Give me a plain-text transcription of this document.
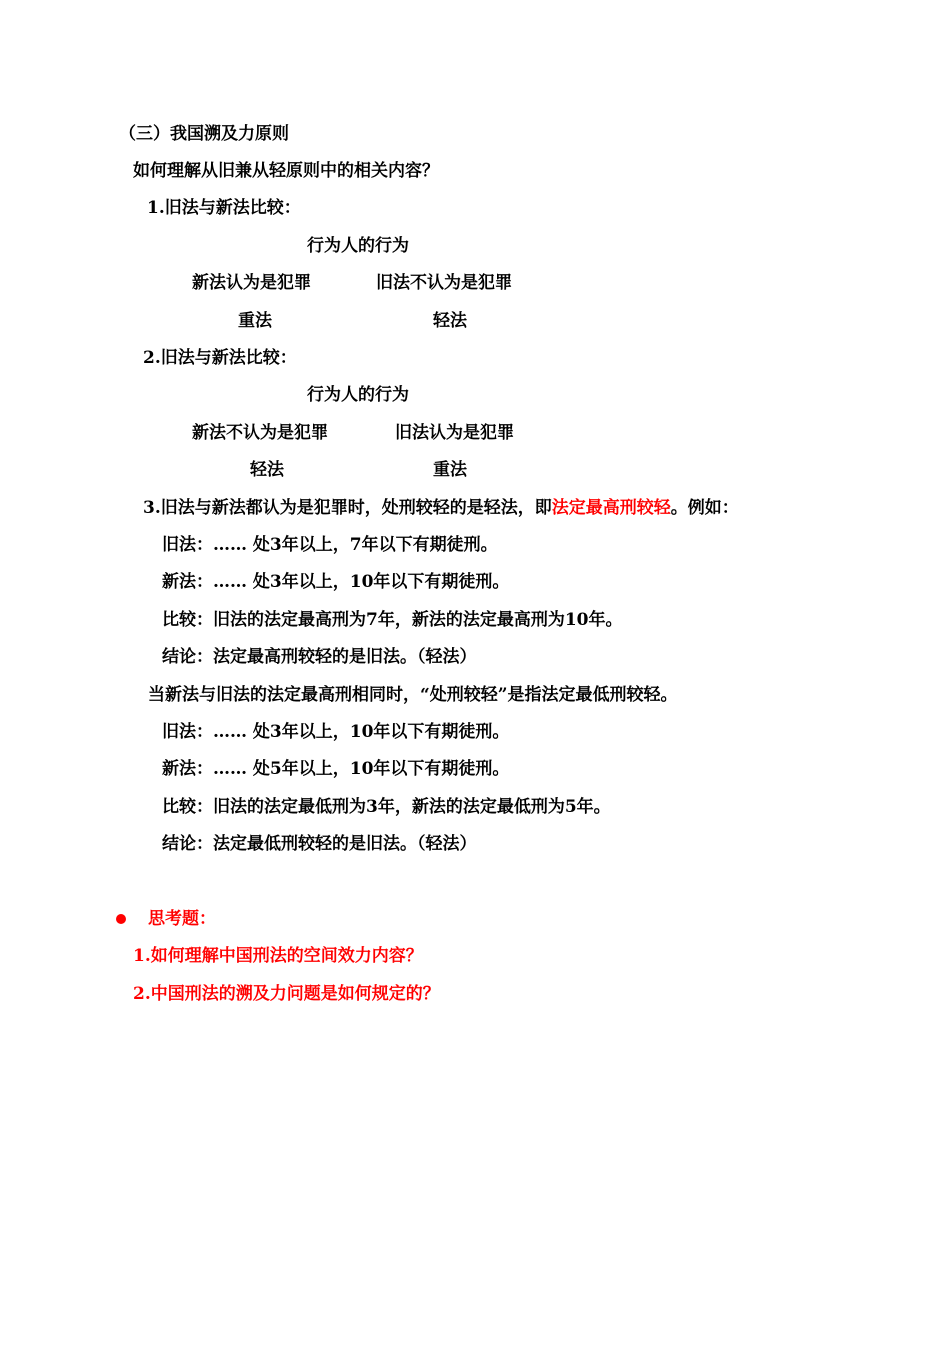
（三）我国溯及力原则
如何理解从旧兼从轻原则中的相关内容？
1.旧法与新法比较：
行为人的行为
新法认为是犯罪	旧法不认为是犯罪
重法	轻法
2.旧法与新法比较：
行为人的行为
新法不认为是犯罪	旧法认为是犯罪
轻法	重法
3.旧法与新法都认为是犯罪时，处刑较轻的是轻法，即法定最高刑较轻。例如：
旧法：…… 处3年以上，7年以下有期徒刑。
新法：…… 处3年以上，10年以下有期徒刑。
比较：旧法的法定最高刑为7年，新法的法定最高刑为10年。
结论：法定最高刑较轻的是旧法。（轻法）
当新法与旧法的法定最高刑相同时，“处刑较轻”是指法定最低刑较轻。
旧法：…… 处3年以上，10年以下有期徒刑。
新法：…… 处5年以上，10年以下有期徒刑。
比较：旧法的法定最低刑为3年，新法的法定最低刑为5年。
结论：法定最低刑较轻的是旧法。（轻法）
思考题：
1.如何理解中国刑法的空间效力内容？
2.中国刑法的溯及力问题是如何规定的？
